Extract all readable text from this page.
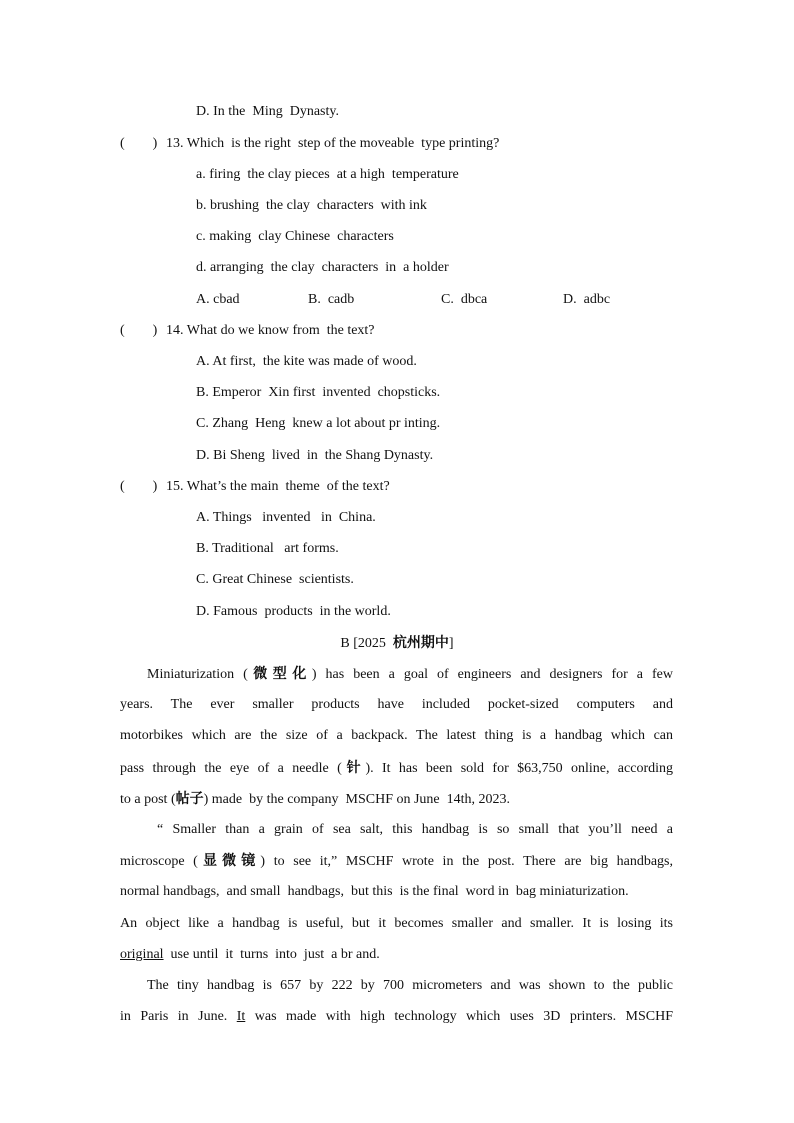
D. In the  Ming  Dynasty.
(        ) 13. Which  is the right  step of the moveable  type printing?
a. firing  the clay pieces  at a high  temperature
b. brushing  the clay  characters  with ink
c. making  clay Chinese  characters
d. arranging  the clay  characters  in  a holder
A. cbad	B.  cadb	C.  dbca	D.  adbc
(        ) 14. What do we know from  the text?
A. At first,  the kite was made of wood.
B. Emperor  Xin first  invented  chopsticks.
C. Zhang  Heng  knew a lot about pr inting.
D. Bi Sheng  lived  in  the Shang Dynasty.
(        ) 15. What’s the main  theme  of the text?
A. Things   invented   in  China.
B. Traditional   art forms.
C. Great Chinese  scientists.
D. Famous  products  in the world.
B [2025  杭州期中]
Miniaturization (微型化) has been a goal of engineers and designers for a few
years. The ever smaller products have included pocket-sized computers and
motorbikes which are the size of a backpack. The latest thing is a handbag which can
pass through the eye of a needle (针). It has been sold for $63,750 online, according
to a post (帖子) made  by the company  MSCHF on June  14th, 2023.
“ Smaller than a grain of sea salt, this handbag is so small that you’ll need a
microscope (显微镜) to see it,” MSCHF wrote in the post. There are big handbags,
normal handbags,  and small  handbags,  but this  is the final  word in  bag miniaturization.
An object like a handbag is useful, but it becomes smaller and smaller. It is losing its
original  use until  it  turns  into  just  a br and.
The tiny handbag is 657 by 222 by 700 micrometers and was shown to the public
in Paris in June. It was made with high technology which uses 3D printers. MSCHF
